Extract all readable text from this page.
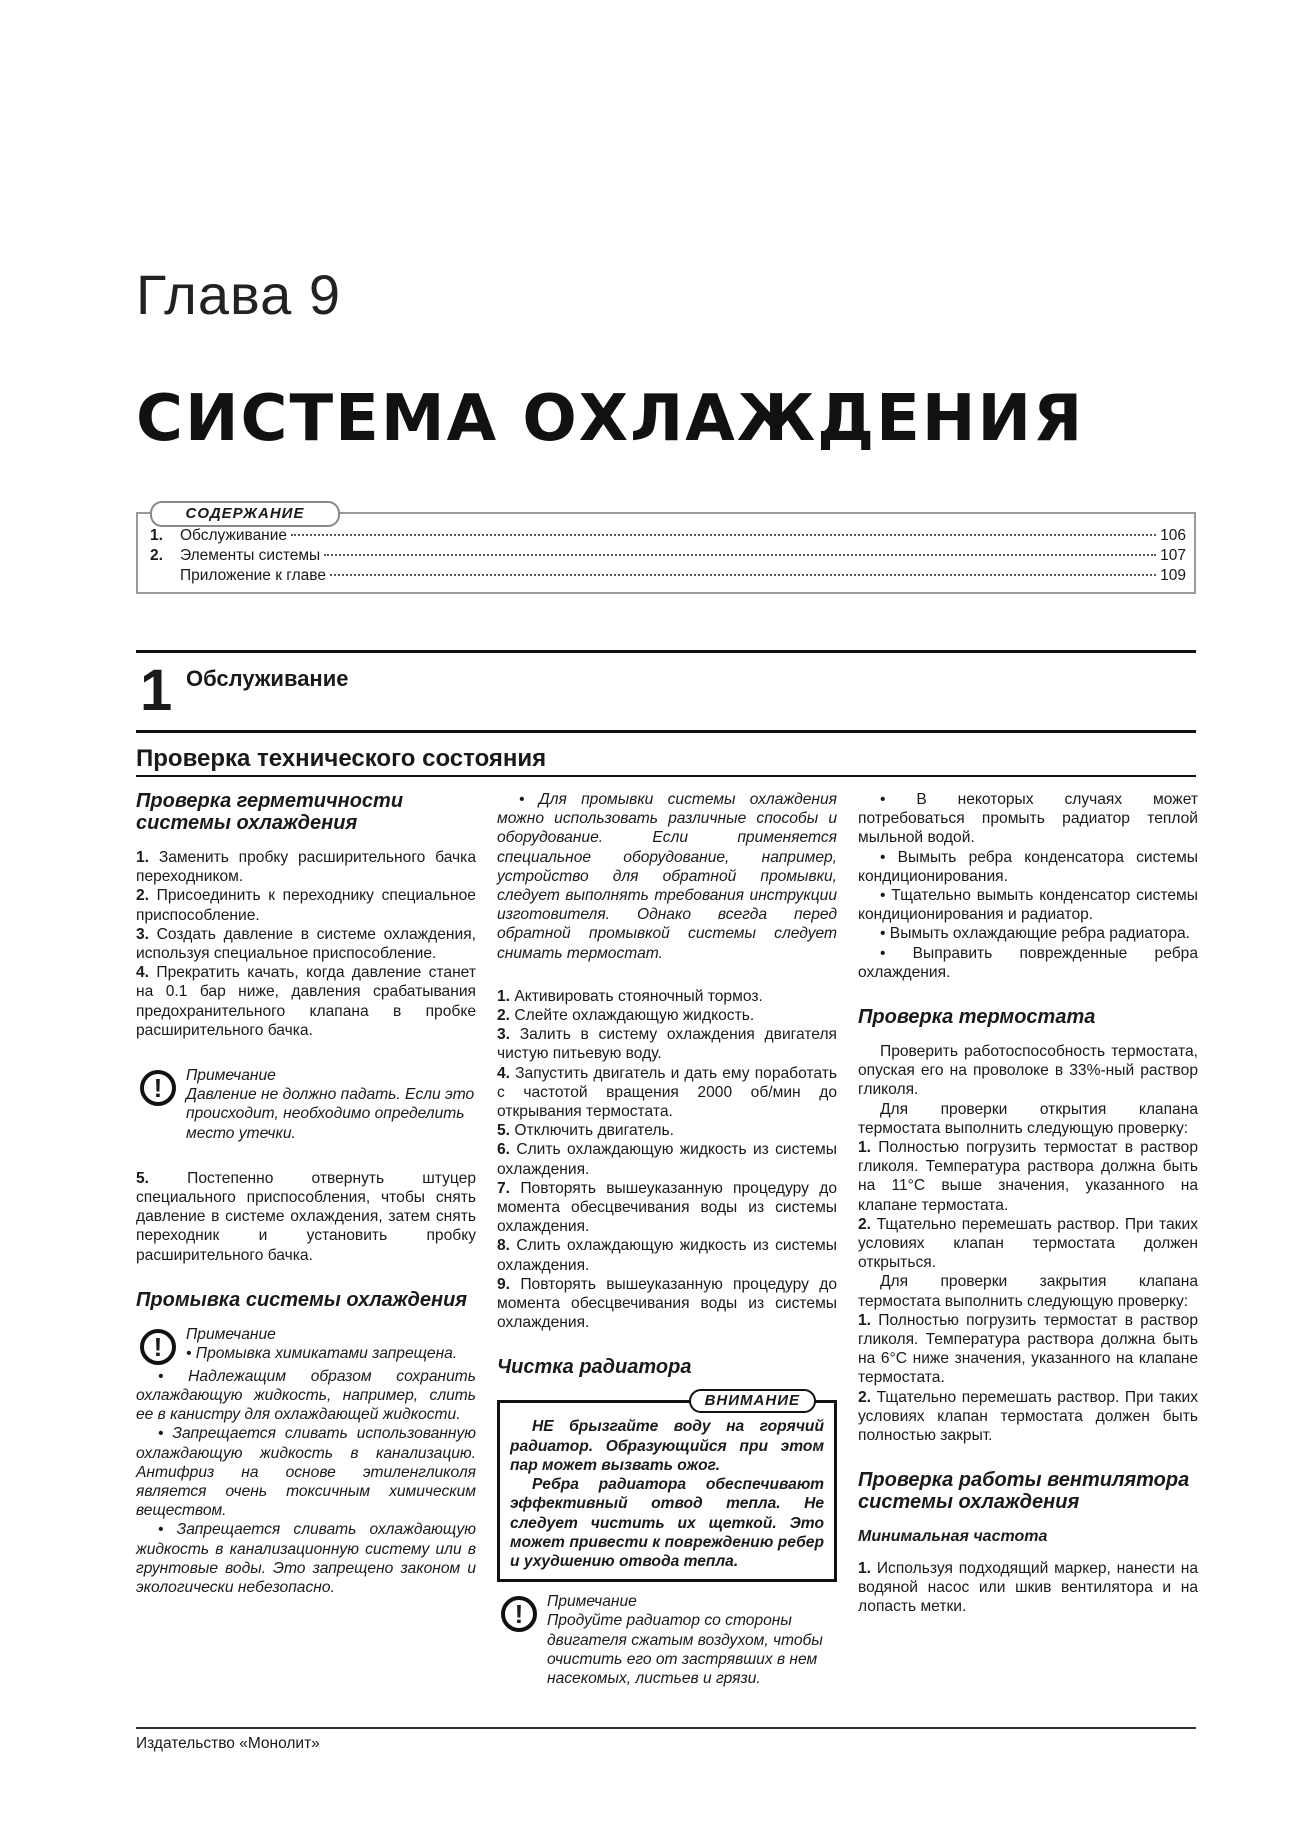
Глава 9
СИСТЕМА ОХЛАЖДЕНИЯ
СОДЕРЖАНИЕ
1.	Обслуживание	106
2.	Элементы системы	107
Приложение к главе	109
1 Обслуживание
Проверка технического состояния
Проверка герметичности системы охлаждения

1. Заменить пробку расширительного бачка переходником.

2. Присоединить к переходнику специальное приспособление.

3. Создать давление в системе охлаждения, используя специальное приспособление.

4. Прекратить качать, когда давление станет на 0.1 бар ниже, давления срабатывания предохранительного клапана в пробке расширительного бачка.

!	Примечание
Давление не должно падать. Если это происходит, необходимо определить место утечки.

5. Постепенно отвернуть штуцер специального приспособления, чтобы снять давление в системе охлаждения, затем снять переходник и установить пробку расширительного бачка.

Промывка системы охлаждения
!	Примечание
• Промывка химикатами запрещена.

• Надлежащим образом сохранить охлаждающую жидкость, например, слить ее в канистру для охлаждающей жидкости.

• Запрещается сливать использованную охлаждающую жидкость в канализацию. Антифриз на основе этиленгликоля является очень токсичным химическим веществом.

• Запрещается сливать охлаждающую жидкость в канализационную систему или в грунтовые воды. Это запрещено законом и экологически небезопасно.

• Для промывки системы охлаждения можно использовать различные способы и оборудование. Если применяется специальное оборудование, например, устройство для обратной промывки, следует выполнять требования инструкции изготовителя. Однако всегда перед обратной промывкой системы следует снимать термостат.

1. Активировать стояночный тормоз.

2. Слейте охлаждающую жидкость.

3. Залить в систему охлаждения двигателя чистую питьевую воду.

4. Запустить двигатель и дать ему поработать с частотой вращения 2000 об/мин до открывания термостата.

5. Отключить двигатель.

6. Слить охлаждающую жидкость из системы охлаждения.

7. Повторять вышеуказанную процедуру до момента обесцвечивания воды из системы охлаждения.

8. Слить охлаждающую жидкость из системы охлаждения.

9. Повторять вышеуказанную процедуру до момента обесцвечивания воды из системы охлаждения.

Чистка радиатора
ВНИМАНИЕ

НЕ брызгайте воду на горячий радиатор. Образующийся при этом пар может вызвать ожог.

Ребра радиатора обеспечивают эффективный отвод тепла. Не следует чистить их щеткой. Это может привести к повреждению ребер и ухудшению отвода тепла.

!	Примечание
Продуйте радиатор со стороны двигателя сжатым воздухом, чтобы очистить его от застрявших в нем насекомых, листьев и грязи.

• В некоторых случаях может потребоваться промыть радиатор теплой мыльной водой.

• Вымыть ребра конденсатора системы кондиционирования.

• Тщательно вымыть конденсатор системы кондиционирования и радиатор.

• Вымыть охлаждающие ребра радиатора.

• Выправить поврежденные ребра охлаждения.

Проверка термостата

Проверить работоспособность термостата, опуская его на проволоке в 33%-ный раствор гликоля.

Для проверки открытия клапана термостата выполнить следующую проверку:

1. Полностью погрузить термостат в раствор гликоля. Температура раствора должна быть на 11°С выше значения, указанного на клапане термостата.

2. Тщательно перемешать раствор. При таких условиях клапан термостата должен открыться.

Для проверки закрытия клапана термостата выполнить следующую проверку:

1. Полностью погрузить термостат в раствор гликоля. Температура раствора должна быть на 6°С ниже значения, указанного на клапане термостата.

2. Тщательно перемешать раствор. При таких условиях клапан термостата должен быть полностью закрыт.

Проверка работы вентилятора системы охлаждения
Минимальная частота

1. Используя подходящий маркер, нанести на водяной насос или шкив вентилятора и на лопасть метки.

Издательство «Монолит»
